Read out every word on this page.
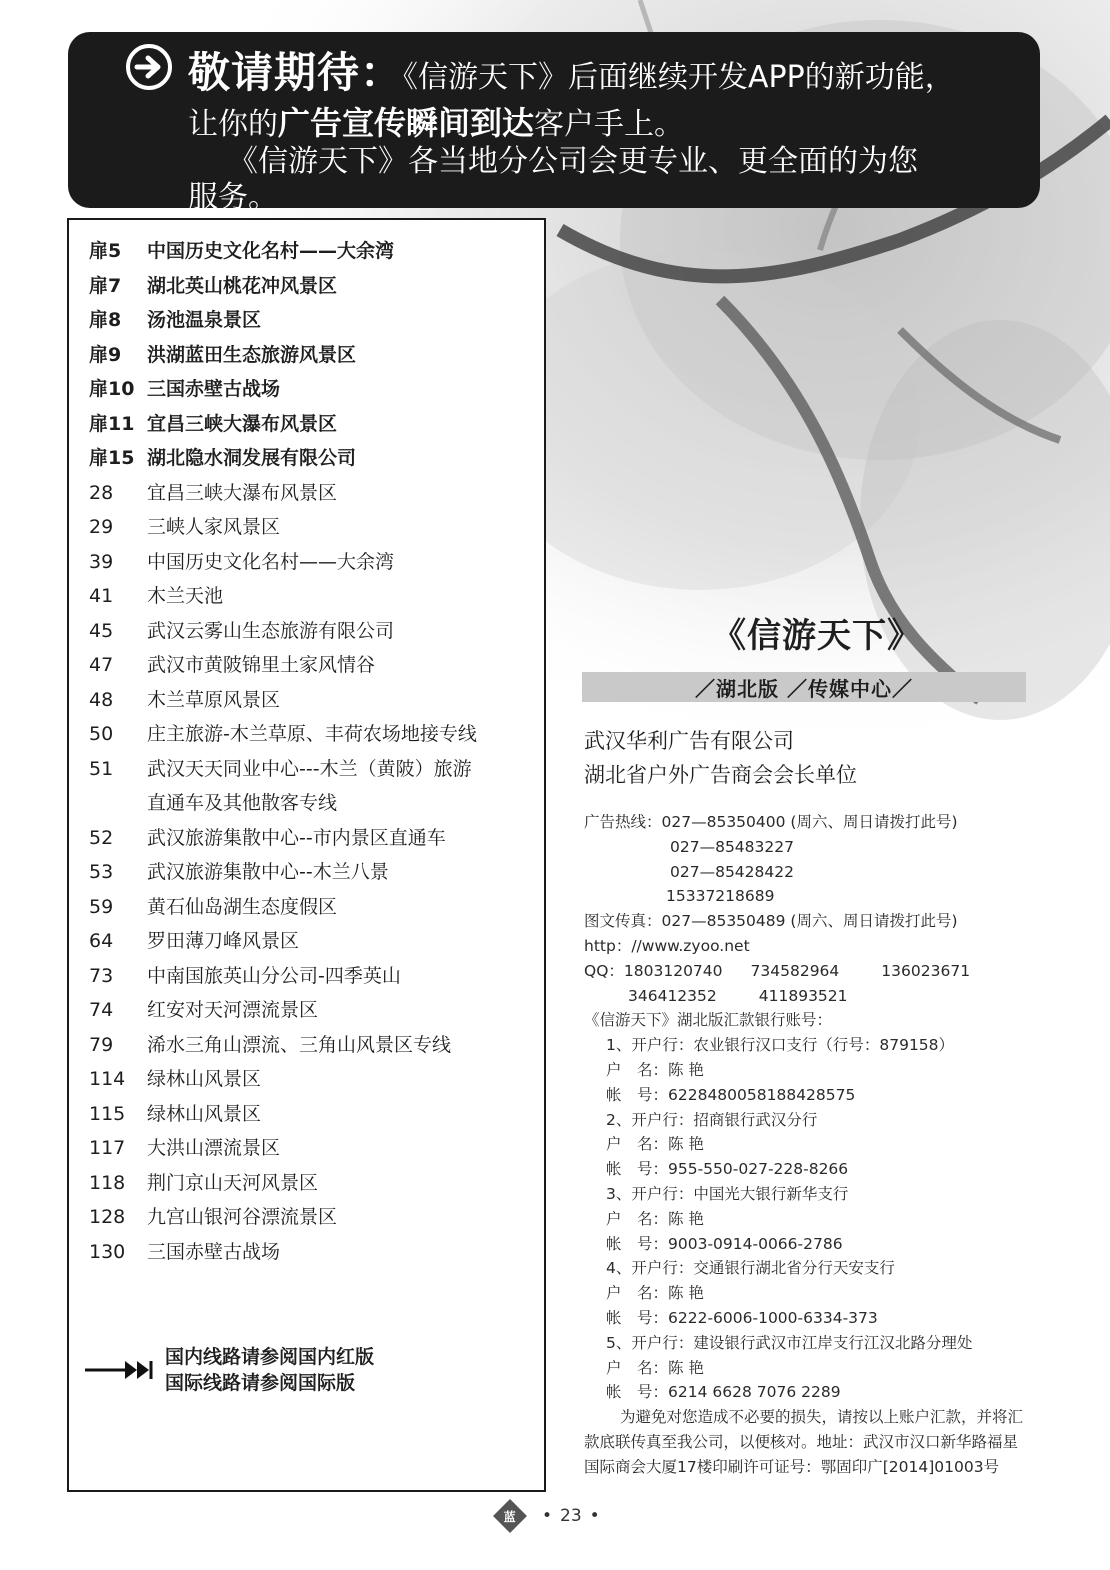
敬请期待：《信游天下》后面继续开发APP的新功能，
让你的广告宣传瞬间到达客户手上。
《信游天下》各当地分公司会更专业、更全面的为您
服务。
扉5	中国历史文化名村——大余湾
扉7	湖北英山桃花冲风景区
扉8	汤池温泉景区
扉9	洪湖蓝田生态旅游风景区
扉10 三国赤壁古战场
扉11 宜昌三峡大瀑布风景区
扉15 湖北隐水洞发展有限公司
28	宜昌三峡大瀑布风景区
29	三峡人家风景区
39	中国历史文化名村——大余湾
41	木兰天池
45	武汉云雾山生态旅游有限公司
47	武汉市黄陂锦里土家风情谷
48	木兰草原风景区
50	庄主旅游-木兰草原、丰荷农场地接专线
51	武汉天天同业中心---木兰（黄陂）旅游
直通车及其他散客专线
52	武汉旅游集散中心--市内景区直通车
53	武汉旅游集散中心--木兰八景
59	黄石仙岛湖生态度假区
64	罗田薄刀峰风景区
73	中南国旅英山分公司-四季英山
74	红安对天河漂流景区
79	浠水三角山漂流、三角山风景区专线
114	绿林山风景区
115	绿林山风景区
117	大洪山漂流景区
118	荆门京山天河风景区
128	九宫山银河谷漂流景区
130	三国赤壁古战场
国内线路请参阅国内红版
国际线路请参阅国际版
《信游天下》
／湖北版 ／传媒中心／
武汉华利广告有限公司
湖北省户外广告商会会长单位
广告热线：027—85350400 (周六、周日请拨打此号)
027—85483227
027—85428422
15337218689
图文传真：027—85350489 (周六、周日请拨打此号)
http：//www.zyoo.net
QQ：1803120740 734582964	136023671
346412352	411893521
《信游天下》湖北版汇款银行账号：
1、开户行：农业银行汉口支行（行号：879158）
户　名：陈 艳
帐　号：6228480058188428575
2、开户行：招商银行武汉分行
户　名：陈 艳
帐　号：955-550-027-228-8266
3、开户行：中国光大银行新华支行
户　名：陈 艳
帐　号：9003-0914-0066-2786
4、开户行：交通银行湖北省分行天安支行
户　名：陈 艳
帐　号：6222-6006-1000-6334-373
5、开户行：建设银行武汉市江岸支行江汉北路分理处
户　名：陈 艳
帐　号：6214 6628 7076 2289
为避免对您造成不必要的损失，请按以上账户汇款，并将汇款底联传真至我公司，以便核对。地址：武汉市汉口新华路福星国际商会大厦17楼印刷许可证号：鄂固印广[2014]01003号
蓝 • 23 •
